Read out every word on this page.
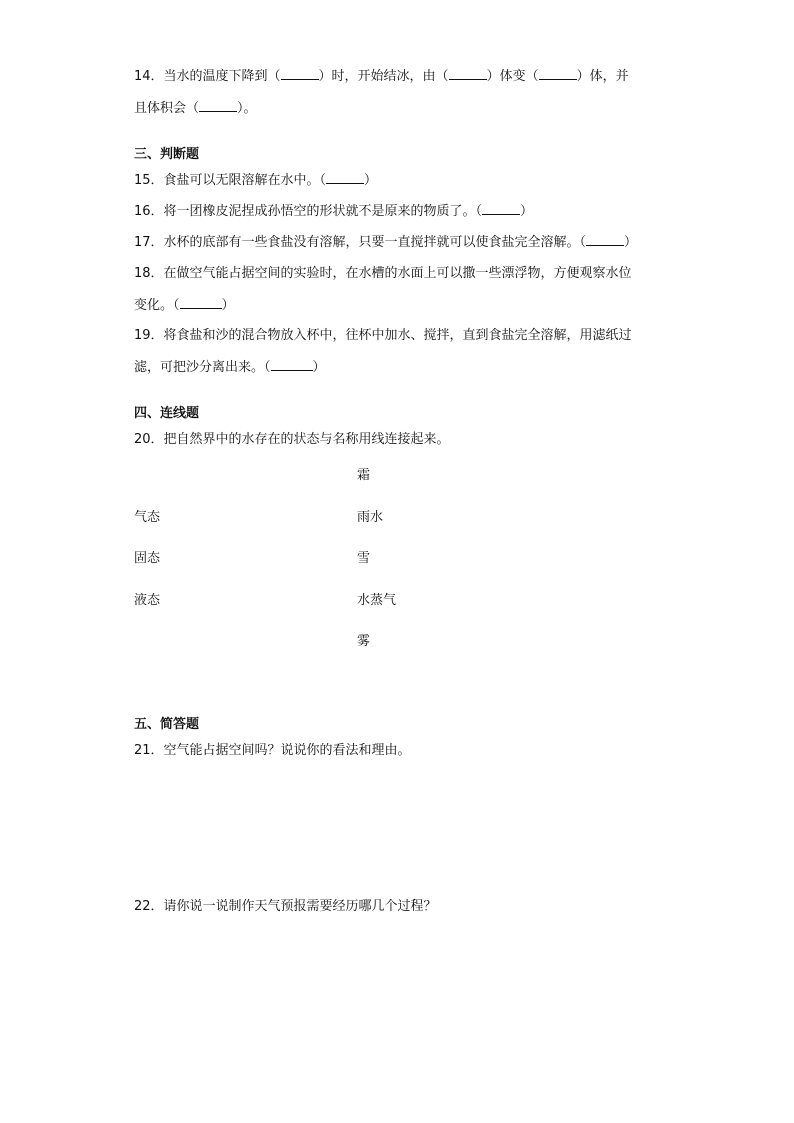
14．当水的温度下降到（	）时，开始结冰，由（	）体变（	）体，并
且体积会（	）。
三、判断题
15．食盐可以无限溶解在水中。（	）
16．将一团橡皮泥捏成孙悟空的形状就不是原来的物质了。（	）
17．水杯的底部有一些食盐没有溶解，只要一直搅拌就可以使食盐完全溶解。（	）
18．在做空气能占据空间的实验时，在水槽的水面上可以撒一些漂浮物，方便观察水位
变化。（	）
19．将食盐和沙的混合物放入杯中，往杯中加水、搅拌，直到食盐完全溶解，用滤纸过
滤，可把沙分离出来。（	）
四、连线题
20．把自然界中的水存在的状态与名称用线连接起来。
霜
气态	雨水
固态	雪
液态	水蒸气
雾
五、简答题
21．空气能占据空间吗？说说你的看法和理由。
22．请你说一说制作天气预报需要经历哪几个过程？
